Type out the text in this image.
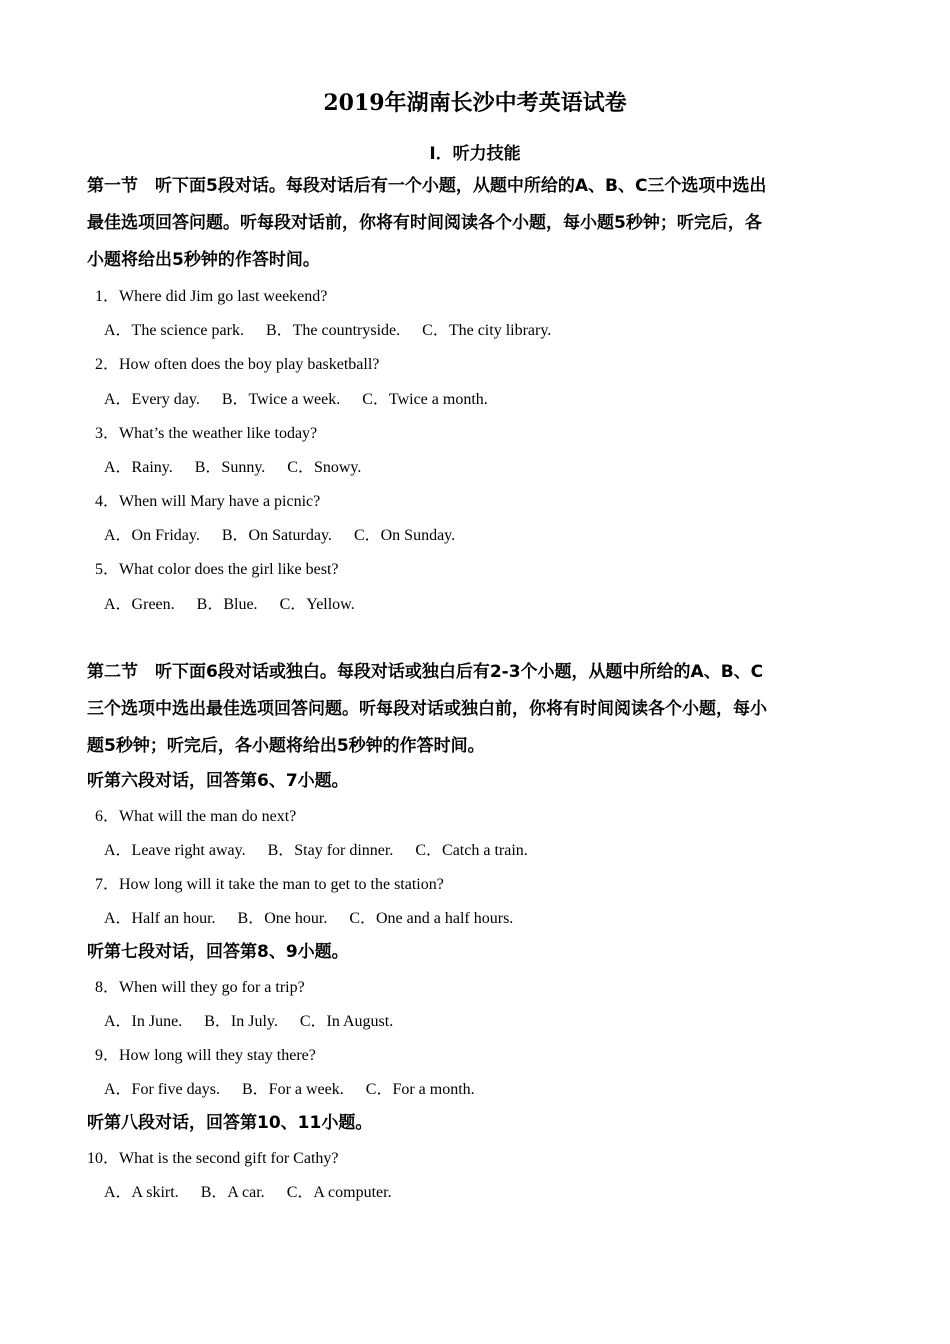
2019年湖南长沙中考英语试卷
I．听力技能
第一节　听下面5段对话。每段对话后有一个小题，从题中所给的A、B、C三个选项中选出
最佳选项回答问题。听每段对话前，你将有时间阅读各个小题，每小题5秒钟；听完后，各
小题将给出5秒钟的作答时间。
1．Where did Jim go last weekend?
A．The science park. B．The countryside. C．The city library.
2．How often does the boy play basketball?
A．Every day. B．Twice a week. C．Twice a month.
3．What’s the weather like today?
A．Rainy. B．Sunny. C．Snowy.
4．When will Mary have a picnic?
A．On Friday. B．On Saturday. C．On Sunday.
5．What color does the girl like best?
A．Green. B．Blue. C．Yellow.
第二节　听下面6段对话或独白。每段对话或独白后有2-3个小题，从题中所给的A、B、C
三个选项中选出最佳选项回答问题。听每段对话或独白前，你将有时间阅读各个小题，每小
题5秒钟；听完后，各小题将给出5秒钟的作答时间。
听第六段对话，回答第6、7小题。
6．What will the man do next?
A．Leave right away. B．Stay for dinner. C．Catch a train.
7．How long will it take the man to get to the station?
A．Half an hour. B．One hour. C．One and a half hours.
听第七段对话，回答第8、9小题。
8．When will they go for a trip?
A．In June. B．In July. C．In August.
9．How long will they stay there?
A．For five days. B．For a week. C．For a month.
听第八段对话，回答第10、11小题。
10．What is the second gift for Cathy?
A．A skirt. B．A car. C．A computer.
